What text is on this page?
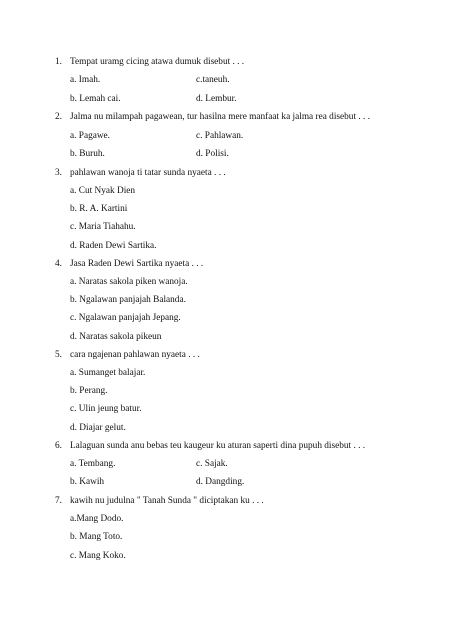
1. Tempat uramg cicing atawa dumuk disebut . . .
a. Imah.	c.taneuh.
b. Lemah cai.	d. Lembur.
2. Jalma nu milampah pagawean, tur hasilna mere manfaat ka jalma rea disebut . . .
a. Pagawe.	c. Pahlawan.
b. Buruh.	d. Polisi.
3. pahlawan wanoja ti tatar sunda nyaeta . . .
a. Cut Nyak Dien
b. R. A. Kartini
c. Maria Tiahahu.
d. Raden Dewi Sartika.
4. Jasa Raden Dewi Sartika nyaeta . . .
a. Naratas sakola piken wanoja.
b. Ngalawan panjajah Balanda.
c. Ngalawan panjajah Jepang.
d. Naratas sakola pikeun
5. cara ngajenan pahlawan nyaeta . . .
a. Sumanget balajar.
b. Perang.
c. Ulin jeung batur.
d. Diajar gelut.
6. Lalaguan sunda anu bebas teu kaugeur ku aturan saperti dina pupuh disebut . . .
a. Tembang.	c. Sajak.
b. Kawih	d. Dangding.
7. kawih nu judulna " Tanah Sunda " diciptakan ku . . .
a.Mang Dodo.
b. Mang Toto.
c. Mang Koko.
